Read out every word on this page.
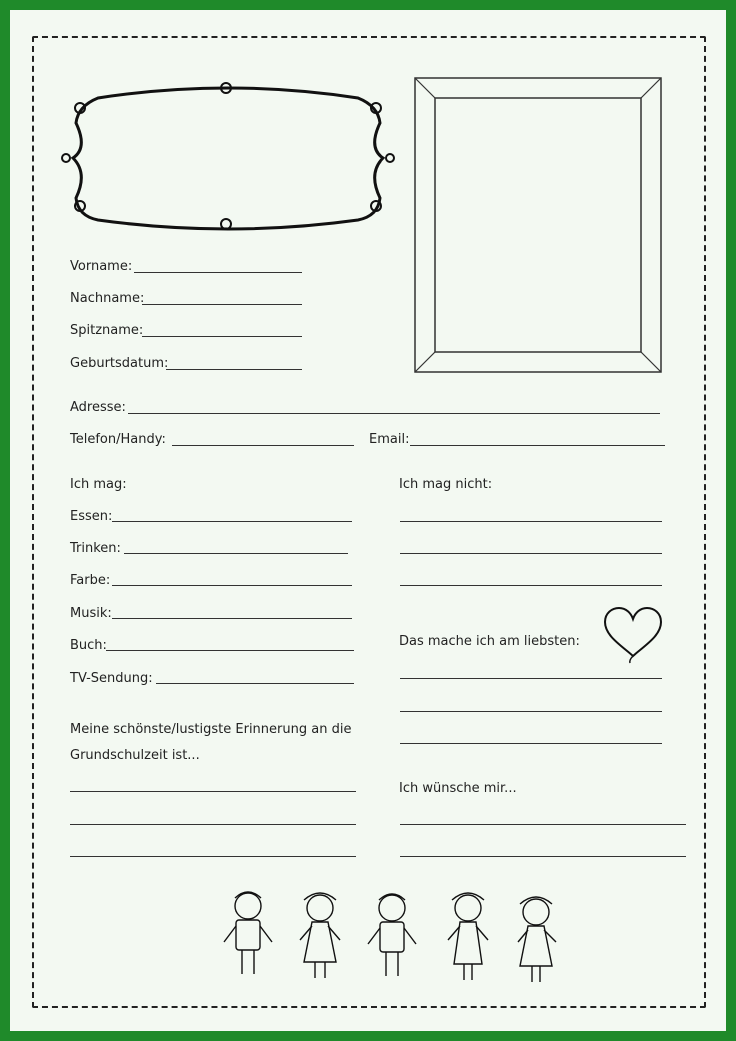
Vorname:
Nachname:
Spitzname:
Geburtsdatum:
Adresse:
Telefon/Handy:	Email:
Ich mag:
Essen:
Trinken:
Farbe:
Musik:
Buch:
TV-Sendung:
Ich mag nicht:
Das mache ich am liebsten:
Meine schönste/lustigste Erinnerung an die
Grundschulzeit ist...
Ich wünsche mir...
